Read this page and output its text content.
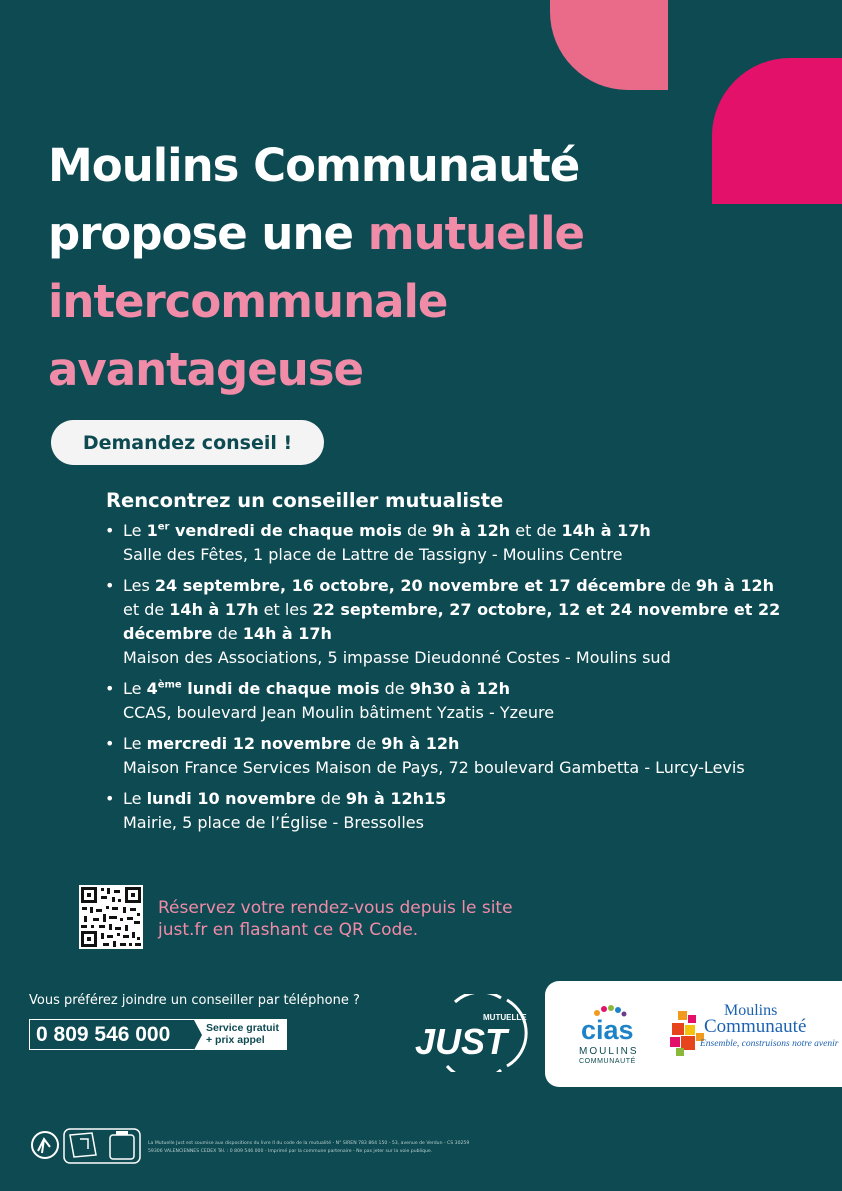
Moulins Communauté
propose une mutuelle
intercommunale
avantageuse
Demandez conseil !
Rencontrez un conseiller mutualiste
• Le 1er vendredi de chaque mois de 9h à 12h et de 14h à 17h
Salle des Fêtes, 1 place de Lattre de Tassigny - Moulins Centre
• Les 24 septembre, 16 octobre, 20 novembre et 17 décembre de 9h à 12h
et de 14h à 17h et les 22 septembre, 27 octobre, 12 et 24 novembre et 22 décembre de 14h à 17h
Maison des Associations, 5 impasse Dieudonné Costes - Moulins sud
• Le 4ème lundi de chaque mois de 9h30 à 12h
CCAS, boulevard Jean Moulin bâtiment Yzatis - Yzeure
• Le mercredi 12 novembre de 9h à 12h
Maison France Services Maison de Pays, 72 boulevard Gambetta - Lurcy-Levis
• Le lundi 10 novembre de 9h à 12h15
Mairie, 5 place de l’Église - Bressolles
Réservez votre rendez-vous depuis le site
just.fr en flashant ce QR Code.
Vous préférez joindre un conseiller par téléphone ?
0 809 546 000	Service gratuit
+ prix appel
MUTUELLE
JUST	cias
MOULINS
COMMUNAUTÉ
Moulins
Communauté
Ensemble, construisons notre avenir
La Mutuelle Just est soumise aux dispositions du livre II du code de la mutualité - N° SIREN 783 864 150 - 53, avenue de Verdun - CS 30259
59306 VALENCIENNES CEDEX Tél. : 0 809 546 000 - Imprimé par la commune partenaire - Ne pas jeter sur la voie publique.
